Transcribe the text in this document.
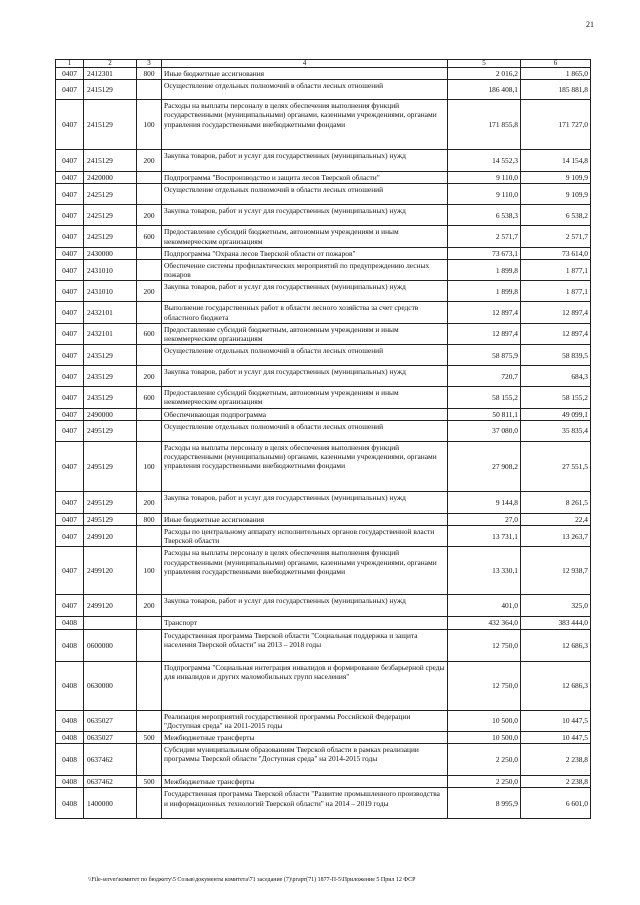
21
1	2	3	4	5	6
0407	2412301	800	Иные бюджетные ассигнования	2 016,2	1 865,0
0407	2415129		Осуществление отдельных полномочий в области лесных отношений	186 408,1	185 881,8
0407	2415129	100	Расходы на выплаты персоналу в целях обеспечения выполнения функций государственными (муниципальными) органами, казенными учреждениями, органами управления государственными внебюджетными фондами	171 855,8	171 727,0
0407	2415129	200	Закупка товаров, работ и услуг для государственных (муниципальных) нужд	14 552,3	14 154,8
0407	2420000		Подпрограмма "Воспроизводство и защита лесов Тверской области"	9 110,0	9 109,9
0407	2425129		Осуществление отдельных полномочий в области лесных отношений	9 110,0	9 109,9
0407	2425129	200	Закупка товаров, работ и услуг для государственных (муниципальных) нужд	6 538,3	6 538,2
0407	2425129	600	Предоставление субсидий бюджетным, автономным учреждениям и иным некоммерческим организациям	2 571,7	2 571,7
0407	2430000		Подпрограмма "Охрана лесов Тверской области от пожаров"	73 673,1	73 614,0
0407	2431010		Обеспечение системы профилактических мероприятий по предупреждению лесных пожаров	1 899,8	1 877,1
0407	2431010	200	Закупка товаров, работ и услуг для государственных (муниципальных) нужд	1 899,8	1 877,1
0407	2432101		Выполнение государственных работ в области лесного хозяйства за счет средств областного бюджета	12 897,4	12 897,4
0407	2432101	600	Предоставление субсидий бюджетным, автономным учреждениям и иным некоммерческим организациям	12 897,4	12 897,4
0407	2435129		Осуществление отдельных полномочий в области лесных отношений	58 875,9	58 839,5
0407	2435129	200	Закупка товаров, работ и услуг для государственных (муниципальных) нужд	720,7	684,3
0407	2435129	600	Предоставление субсидий бюджетным, автономным учреждениям и иным некоммерческим организациям	58 155,2	58 155,2
0407	2490000		Обеспечивающая подпрограмма	50 811,1	49 099,1
0407	2495129		Осуществление отдельных полномочий в области лесных отношений	37 080,0	35 835,4
0407	2495129	100	Расходы на выплаты персоналу в целях обеспечения выполнения функций государственными (муниципальными) органами, казенными учреждениями, органами управления государственными внебюджетными фондами	27 908,2	27 551,5
0407	2495129	200	Закупка товаров, работ и услуг для государственных (муниципальных) нужд	9 144,8	8 261,5
0407	2495129	800	Иные бюджетные ассигнования	27,0	22,4
0407	2499120		Расходы по центральному аппарату исполнительных органов государственной власти Тверской области	13 731,1	13 263,7
0407	2499120	100	Расходы на выплаты персоналу в целях обеспечения выполнения функций государственными (муниципальными) органами, казенными учреждениями, органами управления государственными внебюджетными фондами	13 330,1	12 938,7
0407	2499120	200	Закупка товаров, работ и услуг для государственных (муниципальных) нужд	401,0	325,0
0408			Транспорт	432 364,0	383 444,0
0408	0600000		Государственная программа Тверской области "Социальная поддержка и защита населения Тверской области" на 2013 – 2018 годы	12 750,0	12 686,3
0408	0630000		Подпрограмма "Социальная интеграция инвалидов и формирование безбарьерной среды для инвалидов и других маломобильных групп населения"	12 750,0	12 686,3
0408	0635027		Реализация мероприятий государственной программы Российской Федерации "Доступная среда" на 2011-2015 годы	10 500,0	10 447,5
0408	0635027	500	Межбюджетные трансферты	10 500,0	10 447,5
0408	0637462		Субсидии муниципальным образованиям Тверской области в рамках реализации программы Тверской области "Доступная среда" на 2014-2015 годы	2 250,0	2 238,8
0408	0637462	500	Межбюджетные трансферты	2 250,0	2 238,8
0408	1400000		Государственная программа Тверской области "Развитие промышленного производства и информационных технологий Тверской области" на 2014 – 2019 годы	8 995,9	6 601,0
\\File-server\комитет по бюджету\5 Созыв\документы комитета\71 заседание (7)\ргарт(71) 1877-П-5\Приложение 5 Прил 12 ФСР
